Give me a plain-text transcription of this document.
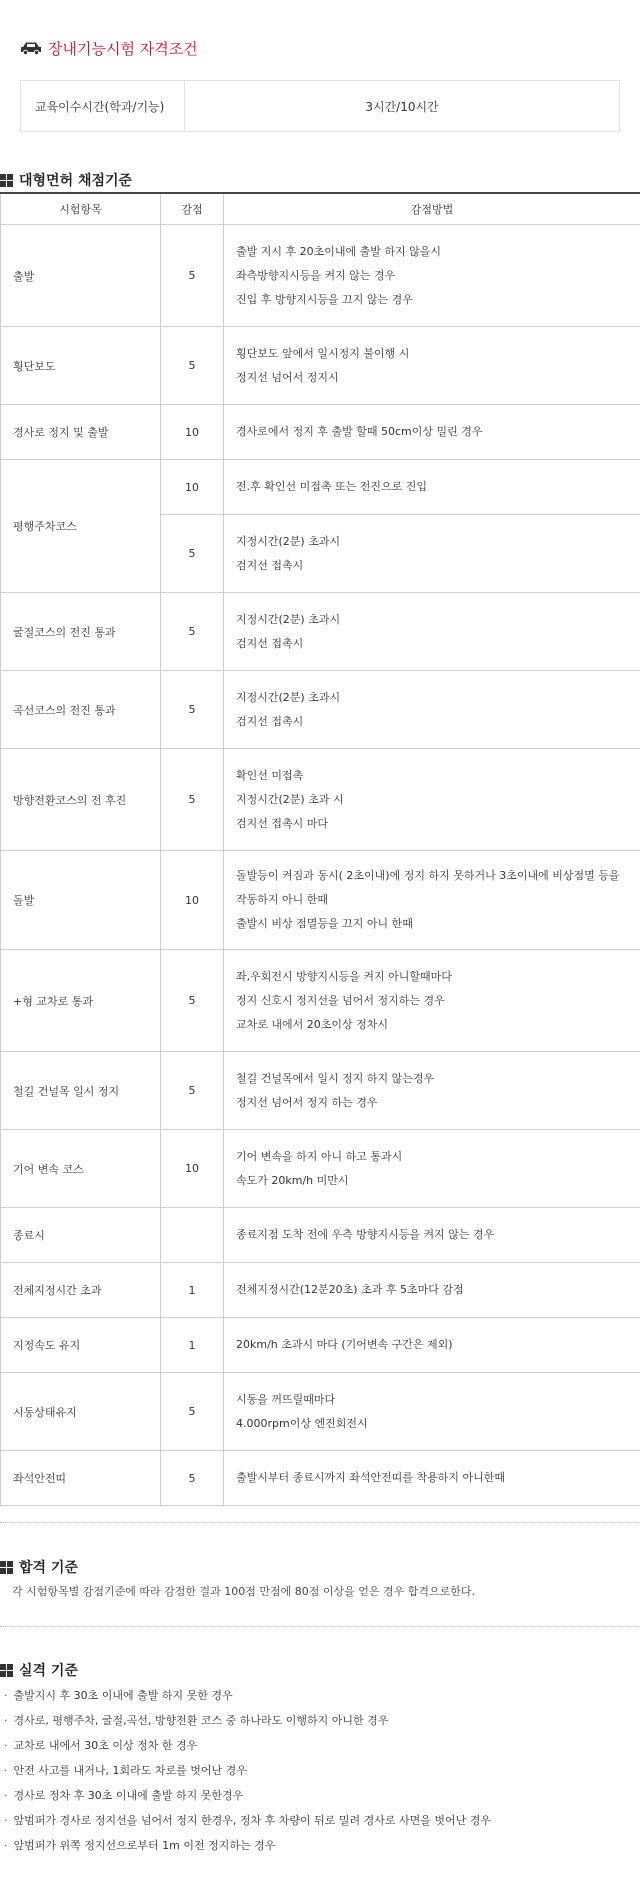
장내기능시험 자격조건
교육이수시간(학과/기능)	3시간/10시간
대형면허 채점기준
시험항목	감점	감점방법
출발	5	출발 지시 후 20초이내에 출발 하지 않을시
좌측방향지시등을 켜지 않는 경우
진입 후 방향지시등을 끄지 않는 경우

횡단보도	5	횡단보도 앞에서 일시정지 불이행 시
정지선 넘어서 정지시

경사로 정지 및 출발	10	경사로에서 정지 후 출발 할때 50cm이상 밀린 경우

평행주차코스	10	전.후 확인선 미접촉 또는 전진으로 진입

	5	지정시간(2분) 초과시
검지선 접촉시

굴절코스의 전진 통과	5	지정시간(2분) 초과시
검지선 접촉시

곡선코스의 전진 통과	5	지정시간(2분) 초과시
검지선 접촉시

방향전환코스의 전 후진	5	확인선 미접촉
지정시간(2분) 초과 시
검지선 접촉시 마다

돌발	10	돌발등이 켜짐과 동시( 2초이내)에 정지 하지 못하거나 3초이내에 비상점멸 등을
작동하지 아니 한때
출발시 비상 점멸등을 끄지 아니 한때

+형 교차로 통과	5	좌,우회전시 방향지시등을 켜지 아니할때마다
정지 신호시 정지선을 넘어서 정지하는 경우
교차로 내에서 20초이상 정차시

철길 건널목 일시 정지	5	철길 건널목에서 일시 정지 하지 않는경우
정지선 넘어서 정지 하는 경우

기어 변속 코스	10	기어 변속을 하지 아니 하고 통과시
속도가 20km/h 미만시

종료시		종료지점 도착 전에 우측 방향지시등을 켜지 않는 경우

전체지정시간 초과	1	전체지정시간(12분20초) 초과 후 5초마다 감점

지정속도 유지	1	20km/h 초과시 마다 (기어변속 구간은 제외)

시동상태유지	5	시동을 꺼뜨릴때마다
4.000rpm이상 엔진회전시

좌석안전띠	5	출발시부터 종료시까지 좌석안전띠를 착용하지 아니한때
합격 기준
각 시험항목별 감점기준에 따라 감점한 결과 100점 만점에 80점 이상을 얻은 경우 합격으로한다.
실격 기준
· 출발지시 후 30초 이내에 출발 하지 못한 경우
· 경사로, 평행주차, 굴절,곡선, 방향전환 코스 중 하나라도 이행하지 아니한 경우
· 교차로 내에서 30초 이상 정차 한 경우
· 안전 사고를 내거나, 1회라도 차로를 벗어난 경우
· 경사로 정차 후 30초 이내에 출발 하지 못한경우
· 앞범퍼가 경사로 정지선을 넘어서 정지 한경우, 정차 후 차량이 뒤로 밀려 경사로 사면을 벗어난 경우
· 앞범퍼가 위쪽 정지선으로부터 1m 이전 정지하는 경우
